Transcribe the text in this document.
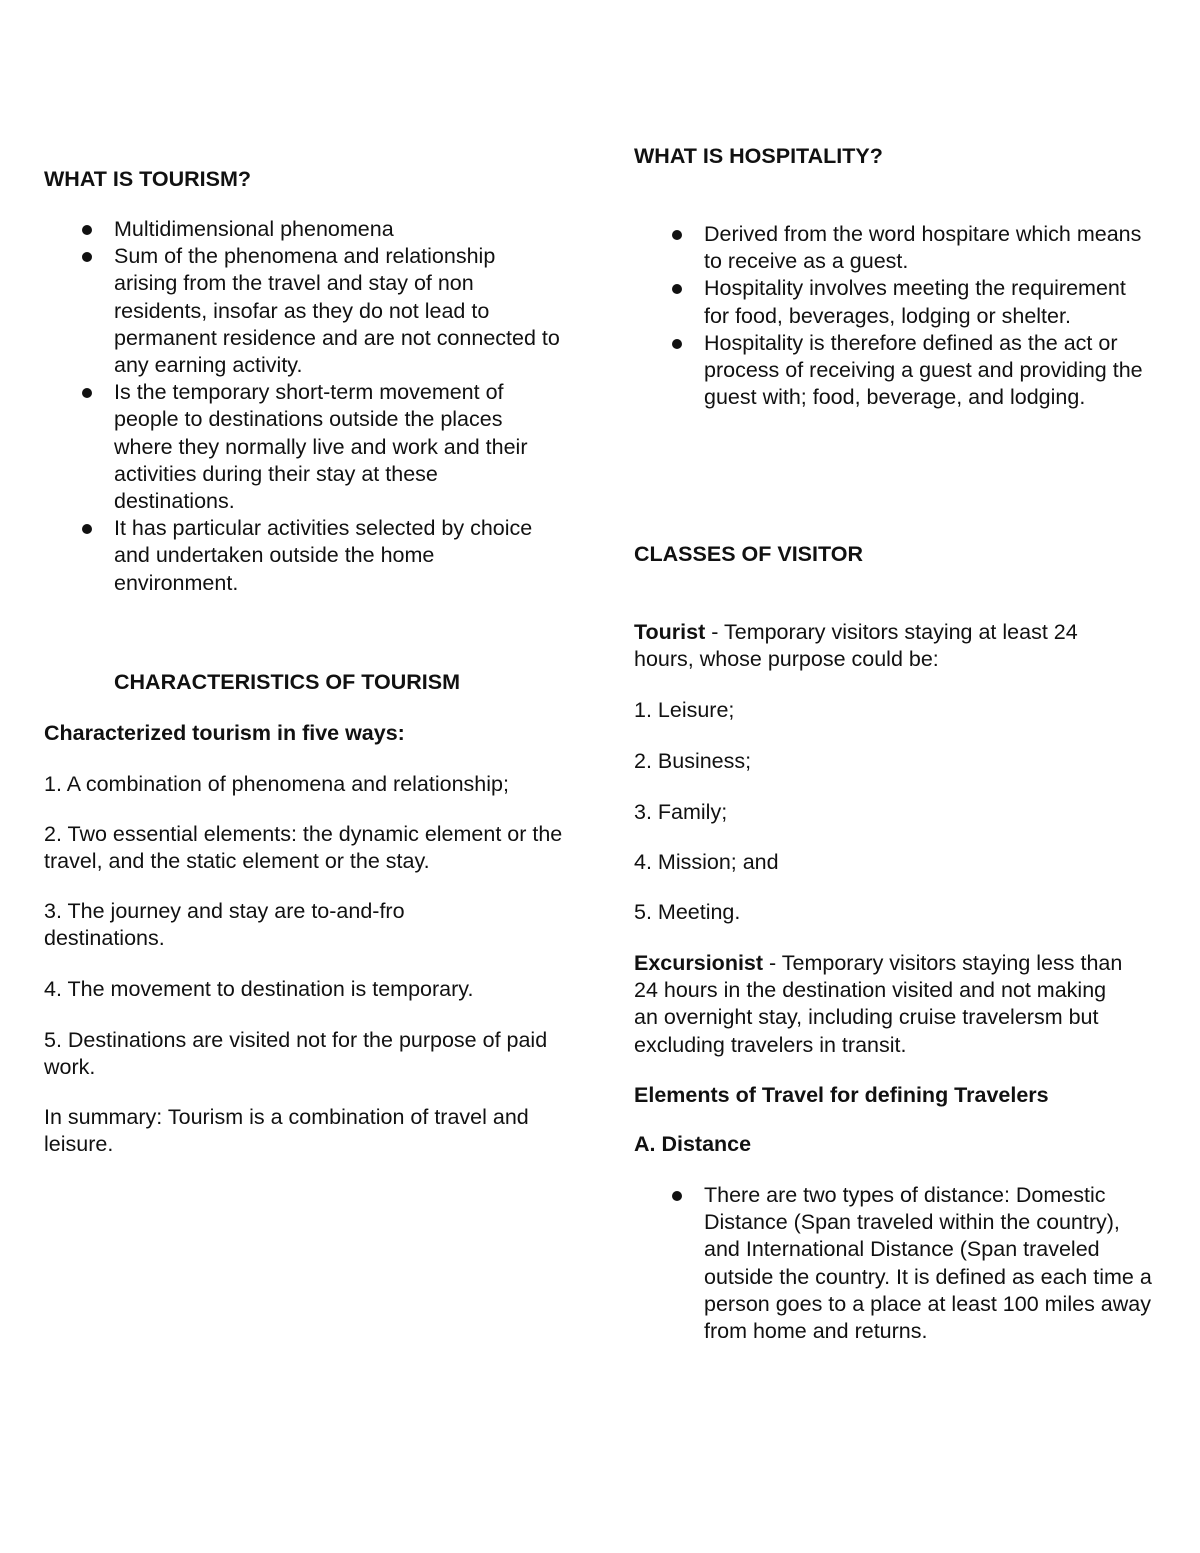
WHAT IS TOURISM?
Multidimensional phenomena
Sum of the phenomena and relationship arising from the travel and stay of non residents, insofar as they do not lead to permanent residence and are not connected to any earning activity.
Is the temporary short-term movement of people to destinations outside the places where they normally live and work and their activities during their stay at these destinations.
It has particular activities selected by choice and undertaken outside the home environment.
CHARACTERISTICS OF TOURISM
Characterized tourism in five ways:
1. A combination of phenomena and relationship;
2. Two essential elements: the dynamic element or the travel, and the static element or the stay.
3. The journey and stay are to-and-fro destinations.
4. The movement to destination is temporary.
5. Destinations are visited not for the purpose of paid work.
In summary: Tourism is a combination of travel and leisure.
WHAT IS HOSPITALITY?
Derived from the word hospitare which means to receive as a guest.
Hospitality involves meeting the requirement for food, beverages, lodging or shelter.
Hospitality is therefore defined as the act or process of receiving a guest and providing the guest with; food, beverage, and lodging.
CLASSES OF VISITOR
Tourist - Temporary visitors staying at least 24 hours, whose purpose could be:
1. Leisure;
2. Business;
3. Family;
4. Mission; and
5. Meeting.
Excursionist - Temporary visitors staying less than 24 hours in the destination visited and not making an overnight stay, including cruise travelersm but excluding travelers in transit.
Elements of Travel for defining Travelers
A. Distance
There are two types of distance: Domestic Distance (Span traveled within the country), and International Distance (Span traveled outside the country. It is defined as each time a person goes to a place at least 100 miles away from home and returns.
